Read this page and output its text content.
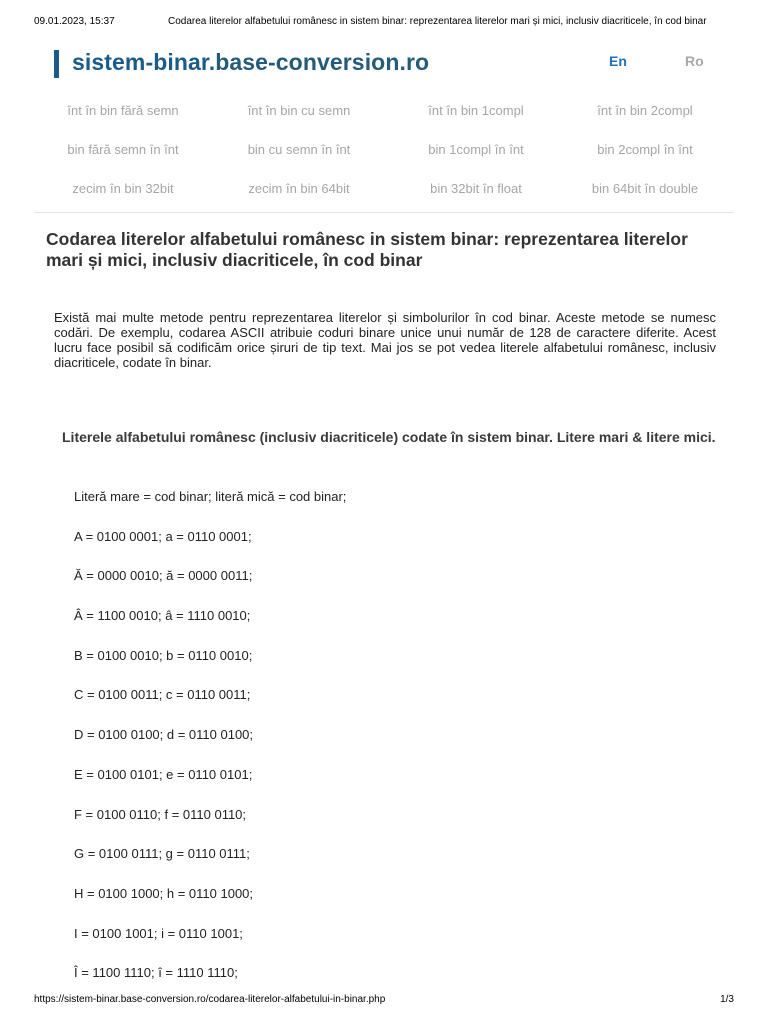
09.01.2023, 15:37	Codarea literelor alfabetului românesc in sistem binar: reprezentarea literelor mari și mici, inclusiv diacriticele, în cod binar
sistem-binar.base-conversion.ro	En	Ro
înt în bin fără semn	înt în bin cu semn	înt în bin 1compl	înt în bin 2compl
bin fără semn în înt	bin cu semn în înt	bin 1compl în înt	bin 2compl în înt
zecim în bin 32bit	zecim în bin 64bit	bin 32bit în float	bin 64bit în double
Codarea literelor alfabetului românesc in sistem binar: reprezentarea literelor mari și mici, inclusiv diacriticele, în cod binar

Există mai multe metode pentru reprezentarea literelor și simbolurilor în cod binar. Aceste metode se numesc codări. De exemplu, codarea ASCII atribuie coduri binare unice unui număr de 128 de caractere diferite. Acest lucru face posibil să codificăm orice șiruri de tip text. Mai jos se pot vedea literele alfabetului românesc, inclusiv diacriticele, codate în binar.

Literele alfabetului românesc (inclusiv diacriticele) codate în sistem binar. Litere mari & litere mici.
Literă mare = cod binar; literă mică = cod binar;
A = 0100 0001; a = 0110 0001;
Ă = 0000 0010; ă = 0000 0011;
Â = 1100 0010; â = 1110 0010;
B = 0100 0010; b = 0110 0010;
C = 0100 0011; c = 0110 0011;
D = 0100 0100; d = 0110 0100;
E = 0100 0101; e = 0110 0101;
F = 0100 0110; f = 0110 0110;
G = 0100 0111; g = 0110 0111;
H = 0100 1000; h = 0110 1000;
I = 0100 1001; i = 0110 1001;
Î = 1100 1110; î = 1110 1110;
https://sistem-binar.base-conversion.ro/codarea-literelor-alfabetului-in-binar.php	1/3
